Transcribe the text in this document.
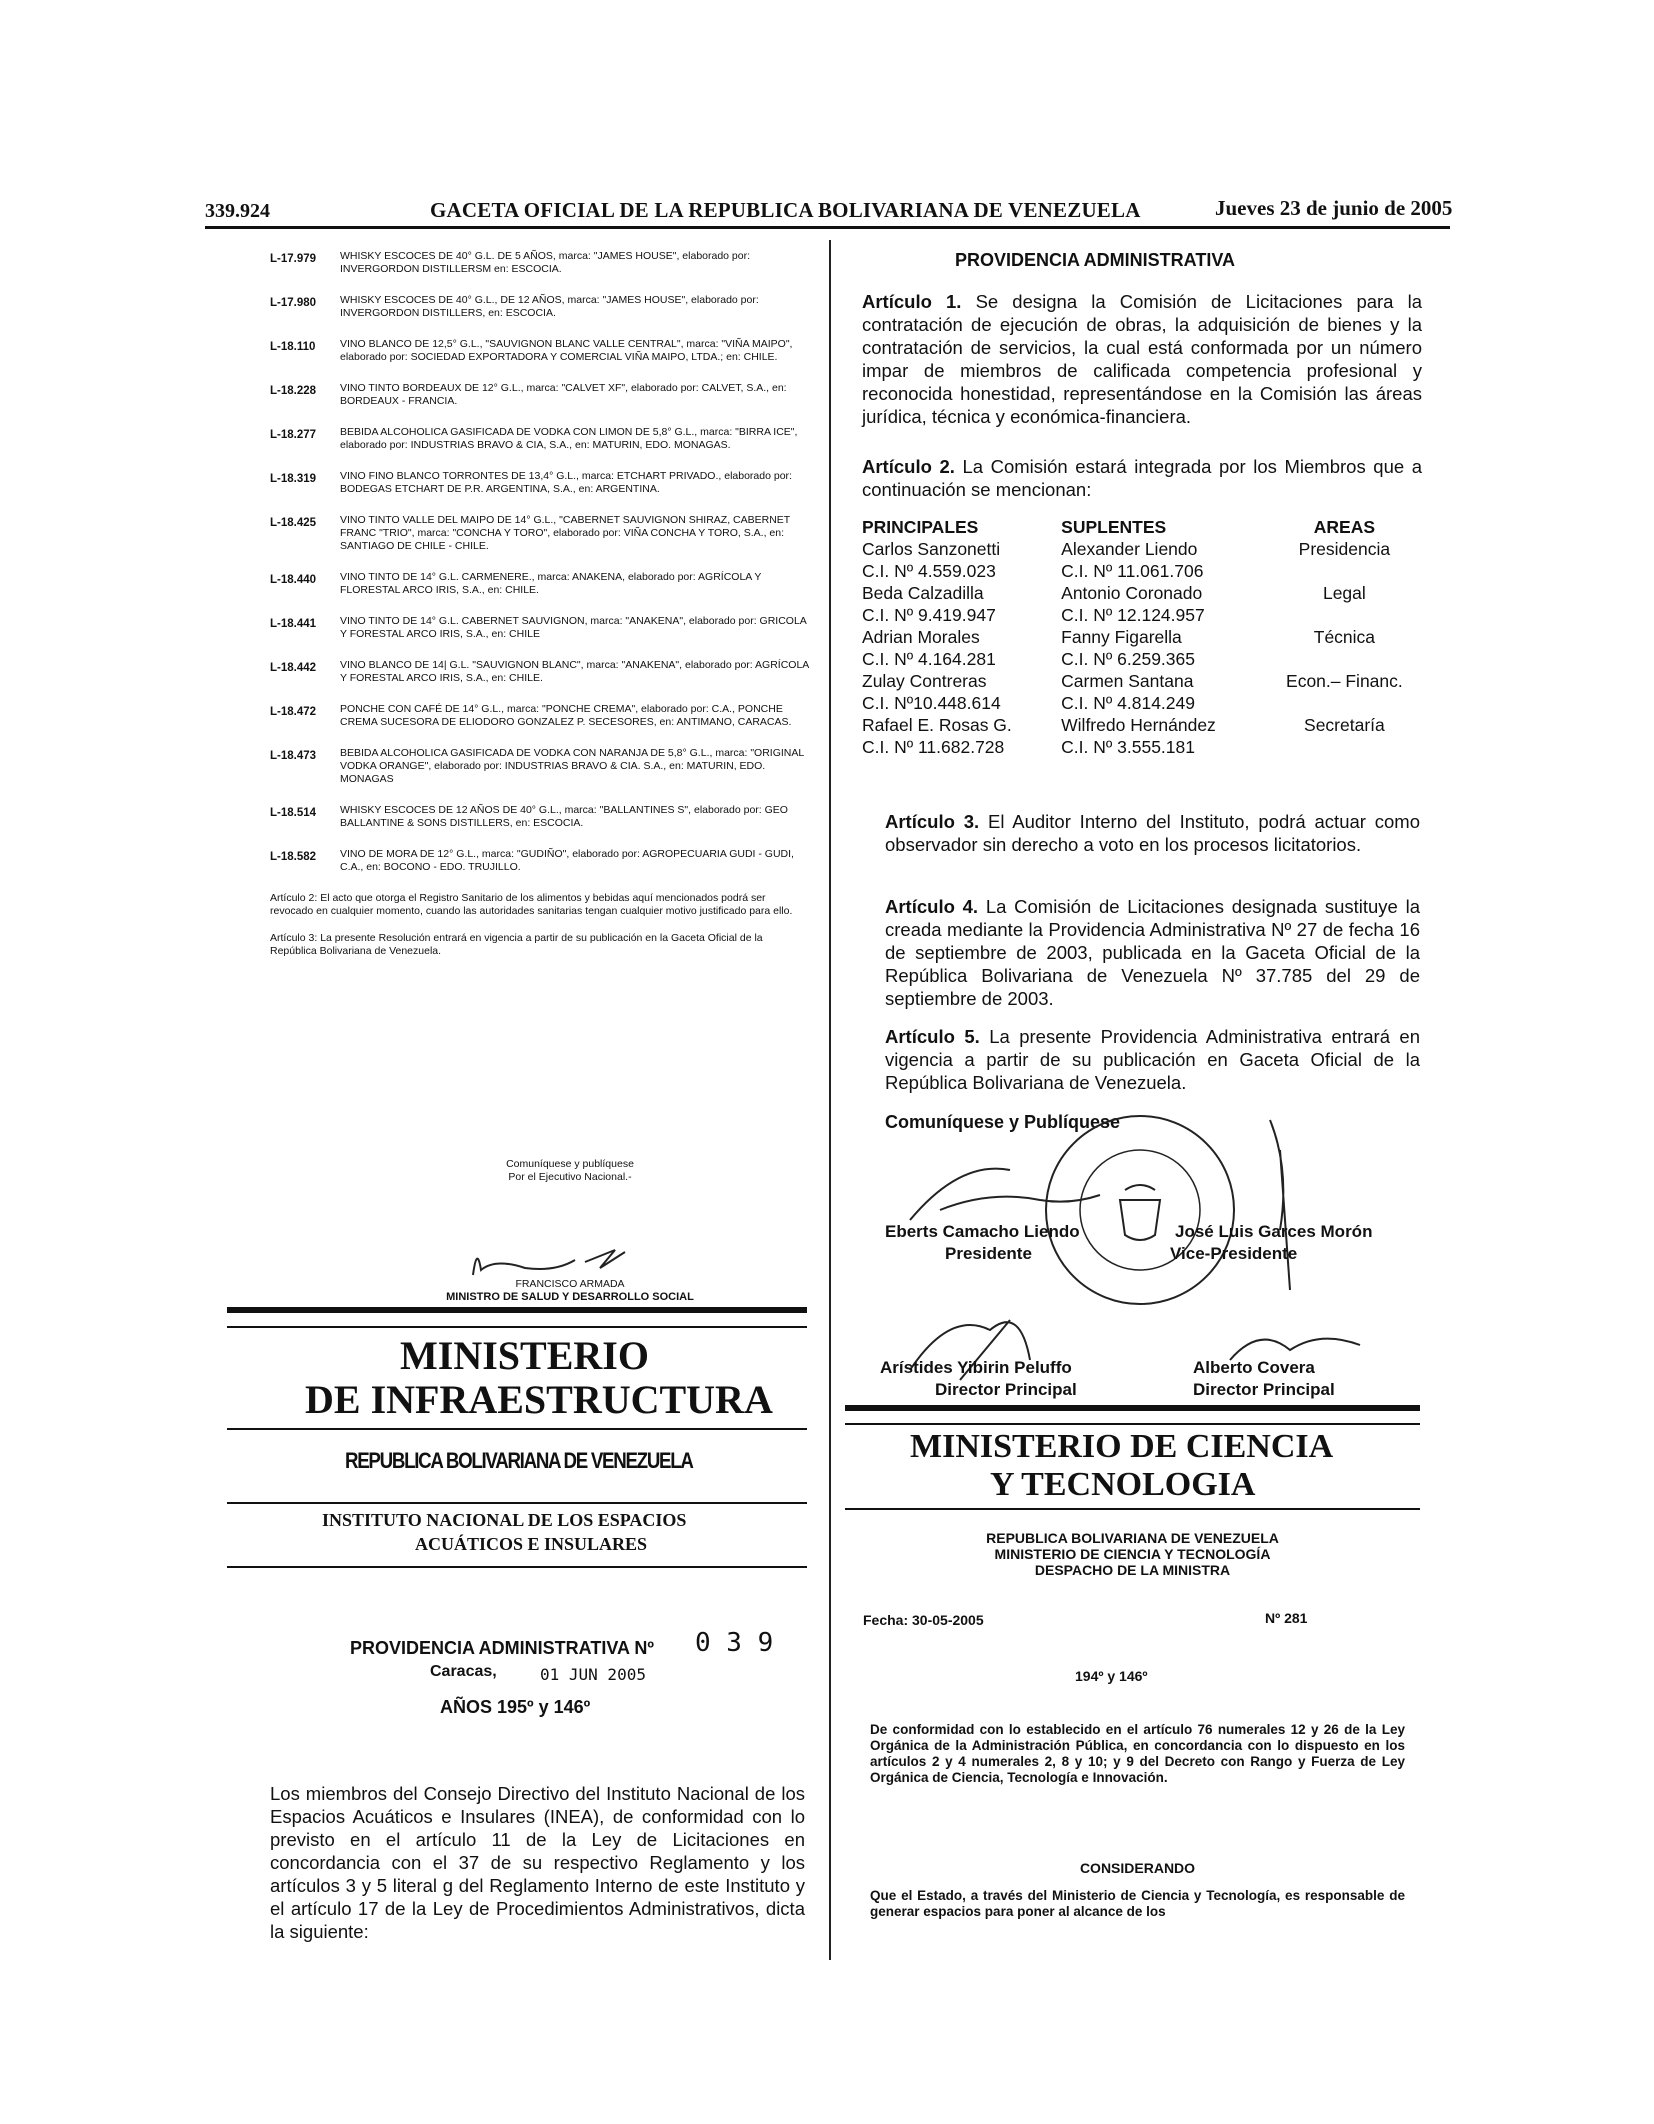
339.924	GACETA OFICIAL DE LA REPUBLICA BOLIVARIANA DE VENEZUELA	Jueves 23 de junio de 2005
L-17.979	WHISKY ESCOCES DE 40° G.L. DE 5 AÑOS, marca: "JAMES HOUSE", elaborado por: INVERGORDON DISTILLERSM en: ESCOCIA.
L-17.980	WHISKY ESCOCES DE 40° G.L., DE 12 AÑOS, marca: "JAMES HOUSE", elaborado por: INVERGORDON DISTILLERS, en: ESCOCIA.
L-18.110	VINO BLANCO DE 12,5° G.L., "SAUVIGNON BLANC VALLE CENTRAL", marca: "VIÑA MAIPO", elaborado por: SOCIEDAD EXPORTADORA Y COMERCIAL VIÑA MAIPO, LTDA.; en: CHILE.
L-18.228	VINO TINTO BORDEAUX DE 12° G.L., marca: "CALVET XF", elaborado por: CALVET, S.A., en: BORDEAUX - FRANCIA.
L-18.277	BEBIDA ALCOHOLICA GASIFICADA DE VODKA CON LIMON DE 5,8° G.L., marca: "BIRRA ICE", elaborado por: INDUSTRIAS BRAVO & CIA, S.A., en: MATURIN, EDO. MONAGAS.
L-18.319	VINO FINO BLANCO TORRONTES DE 13,4° G.L., marca: ETCHART PRIVADO., elaborado por: BODEGAS ETCHART DE P.R. ARGENTINA, S.A., en: ARGENTINA.
L-18.425	VINO TINTO VALLE DEL MAIPO DE 14° G.L., "CABERNET SAUVIGNON SHIRAZ, CABERNET FRANC "TRIO", marca: "CONCHA Y TORO", elaborado por: VIÑA CONCHA Y TORO, S.A., en: SANTIAGO DE CHILE - CHILE.
L-18.440	VINO TINTO DE 14° G.L. CARMENERE., marca: ANAKENA, elaborado por: AGRÍCOLA Y FLORESTAL ARCO IRIS, S.A., en: CHILE.
L-18.441	VINO TINTO DE 14° G.L. CABERNET SAUVIGNON, marca: "ANAKENA", elaborado por: GRICOLA Y FORESTAL ARCO IRIS, S.A., en: CHILE
L-18.442	VINO BLANCO DE 14| G.L. "SAUVIGNON BLANC", marca: "ANAKENA", elaborado por: AGRÍCOLA Y FORESTAL ARCO IRIS, S.A., en: CHILE.
L-18.472	PONCHE CON CAFÉ DE 14° G.L., marca: "PONCHE CREMA", elaborado por: C.A., PONCHE CREMA SUCESORA DE ELIODORO GONZALEZ P. SECESORES, en: ANTIMANO, CARACAS.
L-18.473	BEBIDA ALCOHOLICA GASIFICADA DE VODKA CON NARANJA DE 5,8° G.L., marca: "ORIGINAL VODKA ORANGE", elaborado por: INDUSTRIAS BRAVO & CIA. S.A., en: MATURIN, EDO. MONAGAS
L-18.514	WHISKY ESCOCES DE 12 AÑOS DE 40° G.L., marca: "BALLANTINES S", elaborado por: GEO BALLANTINE & SONS DISTILLERS, en: ESCOCIA.
L-18.582	VINO DE MORA DE 12° G.L., marca: "GUDIÑO", elaborado por: AGROPECUARIA GUDI - GUDI, C.A., en: BOCONO - EDO. TRUJILLO.
Artículo 2: El acto que otorga el Registro Sanitario de los alimentos y bebidas aquí mencionados podrá ser revocado en cualquier momento, cuando las autoridades sanitarias tengan cualquier motivo justificado para ello.
Artículo 3: La presente Resolución entrará en vigencia a partir de su publicación en la Gaceta Oficial de la República Bolivariana de Venezuela.
Comuníquese y publíquese
Por el Ejecutivo Nacional.-
FRANCISCO ARMADA
MINISTRO DE SALUD Y DESARROLLO SOCIAL
MINISTERIO
DE INFRAESTRUCTURA
REPUBLICA BOLIVARIANA DE VENEZUELA
INSTITUTO NACIONAL DE LOS ESPACIOS
ACUÁTICOS E INSULARES
PROVIDENCIA ADMINISTRATIVA Nº 0 3 9
Caracas,	01 JUN 2005
AÑOS 195º y 146º
Los miembros del Consejo Directivo del Instituto Nacional de los Espacios Acuáticos e Insulares (INEA), de conformidad con lo previsto en el artículo 11 de la Ley de Licitaciones en concordancia con el 37 de su respectivo Reglamento y los artículos 3 y 5 literal g del Reglamento Interno de este Instituto y el artículo 17 de la Ley de Procedimientos Administrativos, dicta la siguiente:
PROVIDENCIA ADMINISTRATIVA
Artículo 1. Se designa la Comisión de Licitaciones para la contratación de ejecución de obras, la adquisición de bienes y la contratación de servicios, la cual está conformada por un número impar de miembros de calificada competencia profesional y reconocida honestidad, representándose en la Comisión las áreas jurídica, técnica y económica-financiera.
Artículo 2. La Comisión estará integrada por los Miembros que a continuación se mencionan:
PRINCIPALES	SUPLENTES	AREAS
Carlos Sanzonetti	Alexander Liendo	Presidencia
C.I. Nº 4.559.023	C.I. Nº 11.061.706	
Beda Calzadilla	Antonio Coronado	Legal
C.I. Nº 9.419.947	C.I. Nº 12.124.957	
Adrian Morales	Fanny Figarella	Técnica
C.I. Nº 4.164.281	C.I. Nº 6.259.365	
Zulay Contreras	Carmen Santana	Econ.– Financ.
C.I. Nº10.448.614	C.I. Nº 4.814.249	
Rafael E. Rosas G.	Wilfredo Hernández	Secretaría
C.I. Nº 11.682.728	C.I. Nº 3.555.181	
Artículo 3. El Auditor Interno del Instituto, podrá actuar como observador sin derecho a voto en los procesos licitatorios.
Artículo 4. La Comisión de Licitaciones designada sustituye la creada mediante la Providencia Administrativa Nº 27 de fecha 16 de septiembre de 2003, publicada en la Gaceta Oficial de la República Bolivariana de Venezuela Nº 37.785 del 29 de septiembre de 2003.
Artículo 5. La presente Providencia Administrativa entrará en vigencia a partir de su publicación en Gaceta Oficial de la República Bolivariana de Venezuela.
Comuníquese y Publíquese
Eberts Camacho Liendo
Presidente
José Luis Garces Morón
Vice-Presidente
Arístides Yibirin Peluffo
Director Principal
Alberto Covera
Director Principal
MINISTERIO DE CIENCIA
Y TECNOLOGIA
REPUBLICA BOLIVARIANA DE VENEZUELA
MINISTERIO DE CIENCIA Y TECNOLOGÍA
DESPACHO DE LA MINISTRA
Fecha: 30-05-2005	Nº 281
194º y 146º
De conformidad con lo establecido en el artículo 76 numerales 12 y 26 de la Ley Orgánica de la Administración Pública, en concordancia con lo dispuesto en los artículos 2 y 4 numerales 2, 8 y 10; y 9 del Decreto con Rango y Fuerza de Ley Orgánica de Ciencia, Tecnología e Innovación.
CONSIDERANDO
Que el Estado, a través del Ministerio de Ciencia y Tecnología, es responsable de generar espacios para poner al alcance de los
